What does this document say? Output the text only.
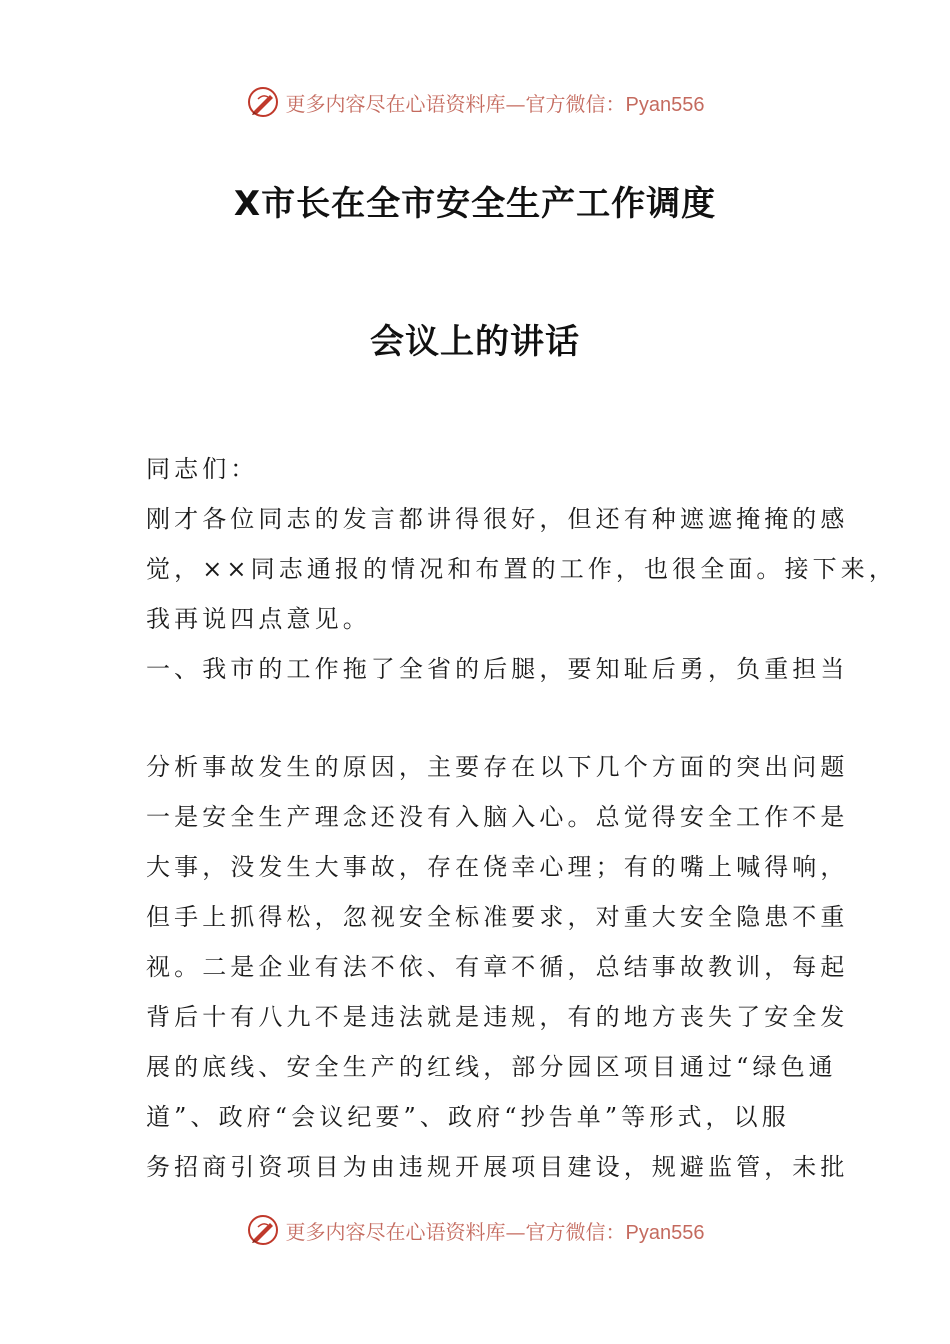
更多内容尽在心语资料库—官方微信：Pyan556
X市长在全市安全生产工作调度
会议上的讲话
同志们：
刚才各位同志的发言都讲得很好，但还有种遮遮掩掩的感
觉，××同志通报的情况和布置的工作，也很全面。接下来，
我再说四点意见。
一、我市的工作拖了全省的后腿，要知耻后勇，负重担当
分析事故发生的原因，主要存在以下几个方面的突出问题
一是安全生产理念还没有入脑入心。总觉得安全工作不是
大事，没发生大事故，存在侥幸心理；有的嘴上喊得响，
但手上抓得松，忽视安全标准要求，对重大安全隐患不重
视。二是企业有法不依、有章不循，总结事故教训，每起
背后十有八九不是违法就是违规，有的地方丧失了安全发
展的底线、安全生产的红线，部分园区项目通过“绿色通
道”、政府“会议纪要”、政府“抄告单”等形式，以服
务招商引资项目为由违规开展项目建设，规避监管，未批
更多内容尽在心语资料库—官方微信：Pyan556
